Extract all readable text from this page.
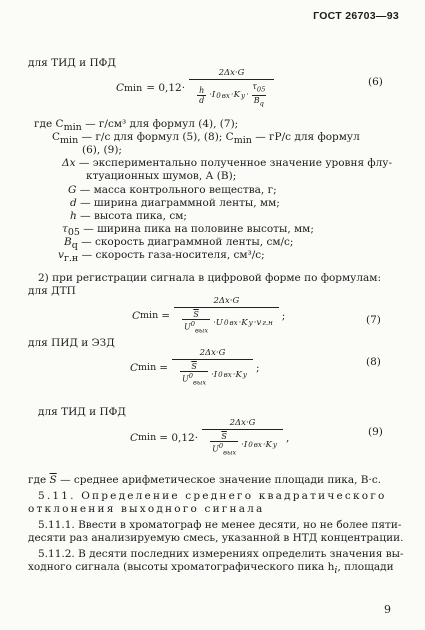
ГОСТ 26703—93
для ТИД и ПФД
C min = 0,12· 2Δx·G
h
d ·I 0 вх ·K у ·
$\tau_{05}$
$B_q$	(6)
где $C_{min}$ — г/см³ для формул (4), (7);
$C_{min}$ — г/с для формул (5), (8); $C_{min}$ — гР/с для формул
(6), (9);
Δx — экспериментально полученное значение уровня флу-
ктуационных шумов, А (В);
G — масса контрольного вещества, г;
d — ширина диаграммной ленты, мм;
h — высота пика, см;
$\tau_{05}$ — ширина пика на половине высоты, мм;
$B_q$ — скорость диаграммной ленты, см/с;
$v_{г.н}$ — скорость газа-носителя, см³/с;
2) при регистрации сигнала в цифровой форме по формулам:
для ДТП
C min = 2Δx·G
$\overline{S}$
$U^0_{вых}$
·U 0 вх ·K у ·v г.н ;	(7)
для ПИД и ЭЗД
C min = 2Δx·G
$\overline{S}$
$U^0_{вых}$
·I 0 вх ·K у ;	(8)
для ТИД и ПФД
C min = 0,12· 2Δx·G
$\overline{S}$
$U^0_{вых}$
·I 0 вх ·K у ,	(9)
где $\overline{S}$ — среднее арифметическое значение площади пика, В·с.
5.11. Определение среднего квадратического
отклонения выходного сигнала
5.11.1. Ввести в хроматограф не менее десяти, но не более пяти-
десяти раз анализируемую смесь, указанной в НТД концентрации.
5.11.2. В десяти последних измерениях определить значения вы-
ходного сигнала (высоты хроматографического пика $h_i$, площади
9
